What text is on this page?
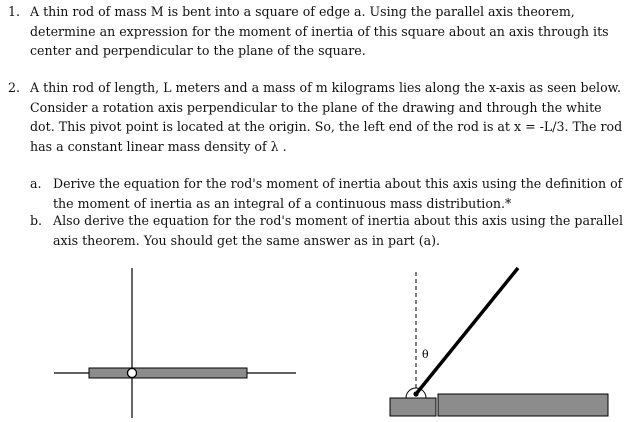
1. A thin rod of mass M is bent into a square of edge a. Using the parallel axis theorem, determine an expression for the moment of inertia of this square about an axis through its center and perpendicular to the plane of the square.
2. A thin rod of length, L meters and a mass of m kilograms lies along the x-axis as seen below. Consider a rotation axis perpendicular to the plane of the drawing and through the white dot. This pivot point is located at the origin. So, the left end of the rod is at x = -L/3. The rod has a constant linear mass density of λ .
a. Derive the equation for the rod's moment of inertia about this axis using the definition of the moment of inertia as an integral of a continuous mass distribution.*
b. Also derive the equation for the rod's moment of inertia about this axis using the parallel axis theorem. You should get the same answer as in part (a).
θ
